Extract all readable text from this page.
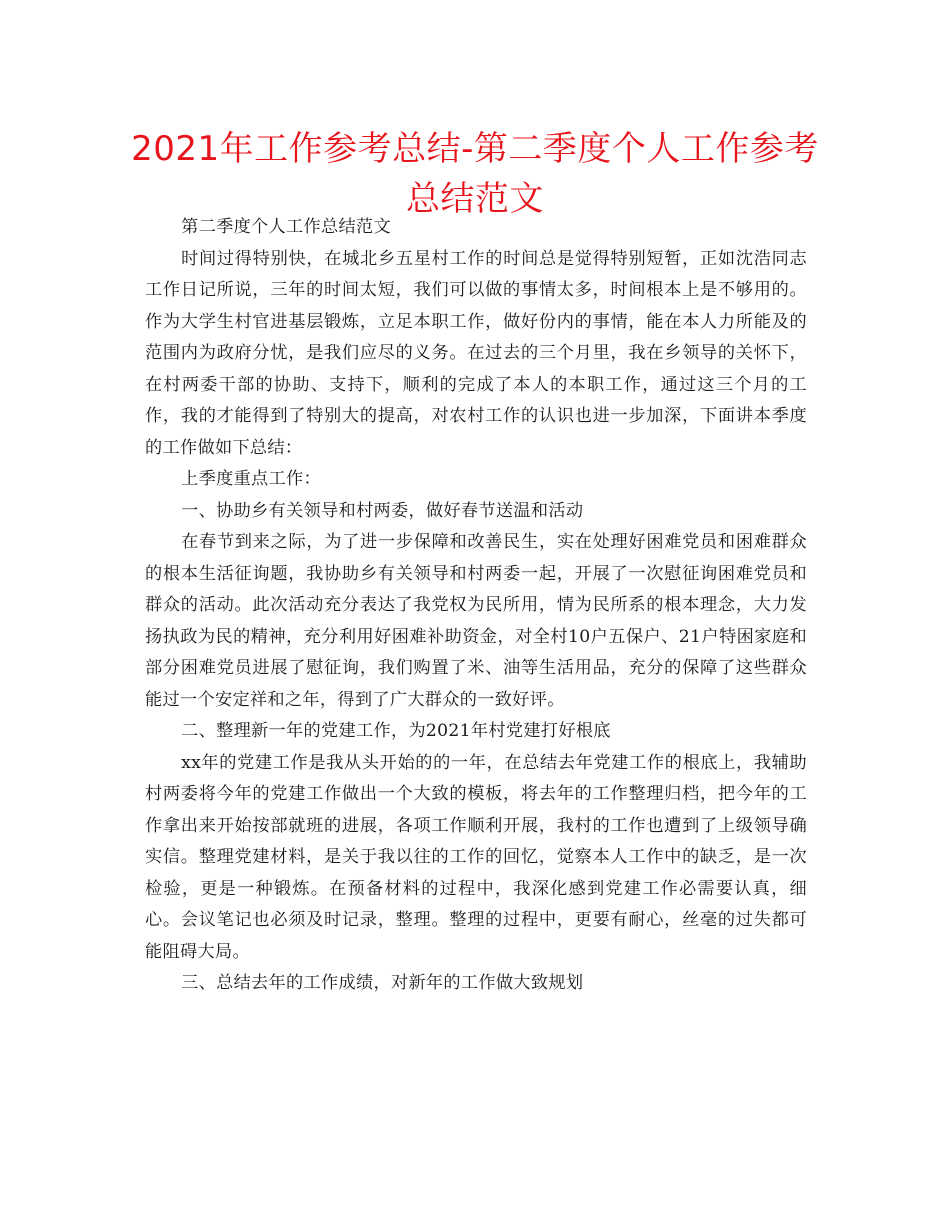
2021年工作参考总结-第二季度个人工作参考总结范文

第二季度个人工作总结范文

时间过得特别快，在城北乡五星村工作的时间总是觉得特别短暂，正如沈浩同志工作日记所说，三年的时间太短，我们可以做的事情太多，时间根本上是不够用的。作为大学生村官进基层锻炼，立足本职工作，做好份内的事情，能在本人力所能及的范围内为政府分忧，是我们应尽的义务。在过去的三个月里，我在乡领导的关怀下，在村两委干部的协助、支持下，顺利的完成了本人的本职工作，通过这三个月的工作，我的才能得到了特别大的提高，对农村工作的认识也进一步加深，下面讲本季度的工作做如下总结：

上季度重点工作：

一、协助乡有关领导和村两委，做好春节送温和活动

在春节到来之际，为了进一步保障和改善民生，实在处理好困难党员和困难群众的根本生活征询题，我协助乡有关领导和村两委一起，开展了一次慰征询困难党员和群众的活动。此次活动充分表达了我党权为民所用，情为民所系的根本理念，大力发扬执政为民的精神，充分利用好困难补助资金，对全村10户五保户、21户特困家庭和部分困难党员进展了慰征询，我们购置了米、油等生活用品，充分的保障了这些群众能过一个安定祥和之年，得到了广大群众的一致好评。

二、整理新一年的党建工作，为2021年村党建打好根底

xx年的党建工作是我从头开始的的一年，在总结去年党建工作的根底上，我辅助村两委将今年的党建工作做出一个大致的模板，将去年的工作整理归档，把今年的工作拿出来开始按部就班的进展，各项工作顺利开展，我村的工作也遭到了上级领导确实信。整理党建材料，是关于我以往的工作的回忆，觉察本人工作中的缺乏，是一次检验，更是一种锻炼。在预备材料的过程中，我深化感到党建工作必需要认真，细心。会议笔记也必须及时记录，整理。整理的过程中，更要有耐心，丝毫的过失都可能阻碍大局。

三、总结去年的工作成绩，对新年的工作做大致规划
